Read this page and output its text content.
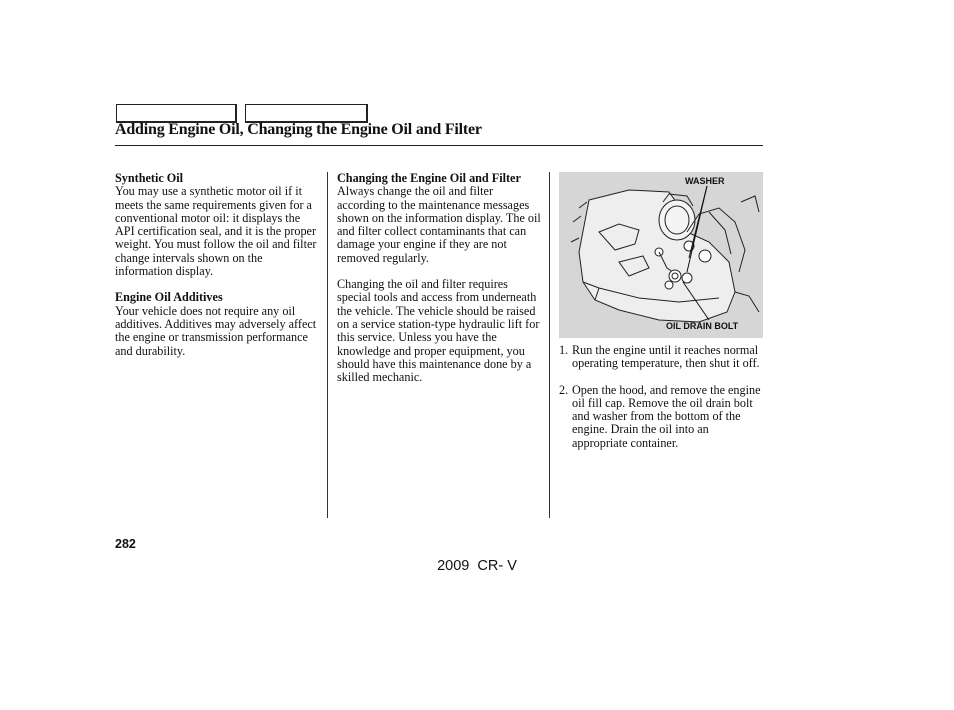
Adding Engine Oil, Changing the Engine Oil and Filter
Synthetic Oil

You may use a synthetic motor oil if it meets the same requirements given for a conventional motor oil: it displays the API certification seal, and it is the proper weight. You must follow the oil and filter change intervals shown on the information display.

Engine Oil Additives

Your vehicle does not require any oil additives. Additives may adversely affect the engine or transmission performance and durability.

Changing the Engine Oil and Filter

Always change the oil and filter according to the maintenance messages shown on the information display. The oil and filter collect contaminants that can damage your engine if they are not removed regularly.

Changing the oil and filter requires special tools and access from underneath the vehicle. The vehicle should be raised on a service station-type hydraulic lift for this service. Unless you have the knowledge and proper equipment, you should have this maintenance done by a skilled mechanic.

WASHER
OIL DRAIN BOLT
1. Run the engine until it reaches normal operating temperature, then shut it off.
2. Open the hood, and remove the engine oil fill cap. Remove the oil drain bolt and washer from the bottom of the engine. Drain the oil into an appropriate container.
282
2009  CR- V
